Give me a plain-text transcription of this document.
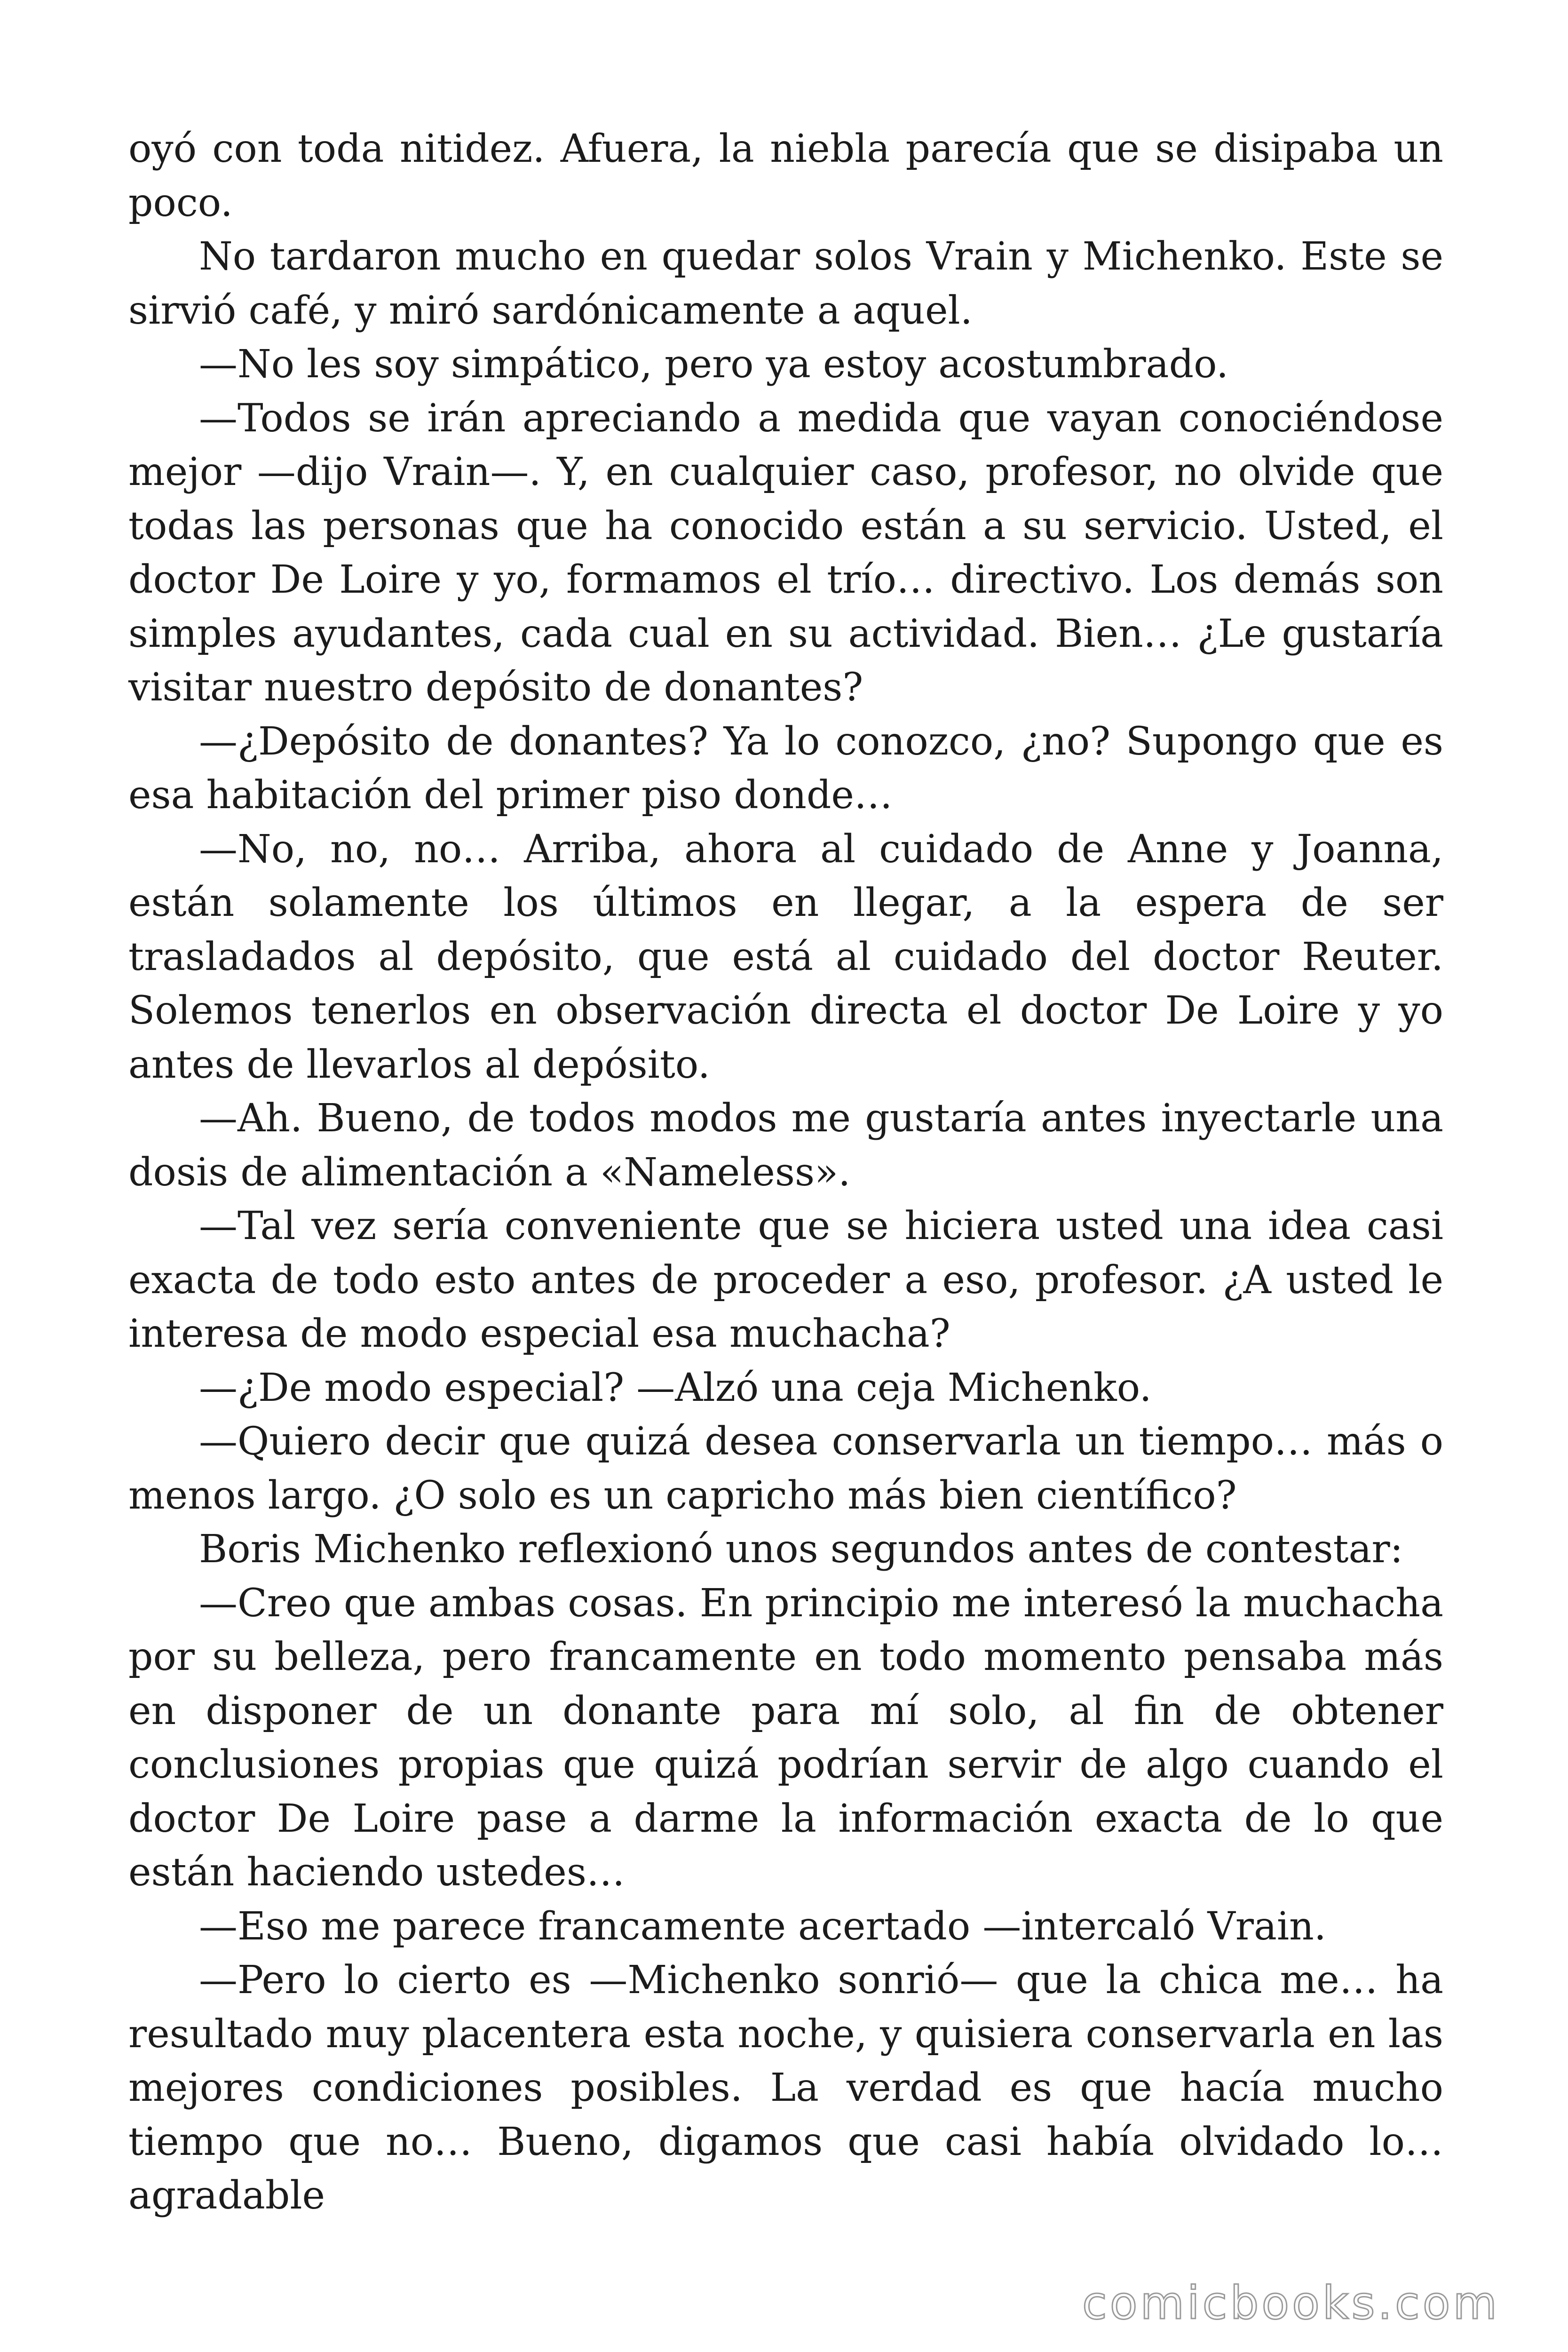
oyó con toda nitidez. Afuera, la niebla parecía que se disipaba un poco.

No tardaron mucho en quedar solos Vrain y Michenko. Este se sirvió café, y miró sardónicamente a aquel.

—No les soy simpático, pero ya estoy acostumbrado.

—Todos se irán apreciando a medida que vayan conociéndose mejor —dijo Vrain—. Y, en cualquier caso, profesor, no olvide que todas las personas que ha conocido están a su servicio. Usted, el doctor De Loire y yo, formamos el trío… directivo. Los demás son simples ayudantes, cada cual en su actividad. Bien… ¿Le gustaría visitar nuestro depósito de donantes?

—¿Depósito de donantes? Ya lo conozco, ¿no? Supongo que es esa habitación del primer piso donde…

—No, no, no… Arriba, ahora al cuidado de Anne y Joanna, están solamente los últimos en llegar, a la espera de ser trasladados al depósito, que está al cuidado del doctor Reuter. Solemos tenerlos en observación directa el doctor De Loire y yo antes de llevarlos al depósito.

—Ah. Bueno, de todos modos me gustaría antes inyectarle una dosis de alimentación a «Nameless».

—Tal vez sería conveniente que se hiciera usted una idea casi exacta de todo esto antes de proceder a eso, profesor. ¿A usted le interesa de modo especial esa muchacha?

—¿De modo especial? —Alzó una ceja Michenko.

—Quiero decir que quizá desea conservarla un tiempo… más o menos largo. ¿O solo es un capricho más bien científico?

Boris Michenko reflexionó unos segundos antes de contestar:

—Creo que ambas cosas. En principio me interesó la muchacha por su belleza, pero francamente en todo momento pensaba más en disponer de un donante para mí solo, al fin de obtener conclusiones propias que quizá podrían servir de algo cuando el doctor De Loire pase a darme la información exacta de lo que están haciendo ustedes…

—Eso me parece francamente acertado —intercaló Vrain.

—Pero lo cierto es —Michenko sonrió— que la chica me… ha resultado muy placentera esta noche, y quisiera conservarla en las mejores condiciones posibles. La verdad es que hacía mucho tiempo que no… Bueno, digamos que casi había olvidado lo… agradable

comicbooks.com
